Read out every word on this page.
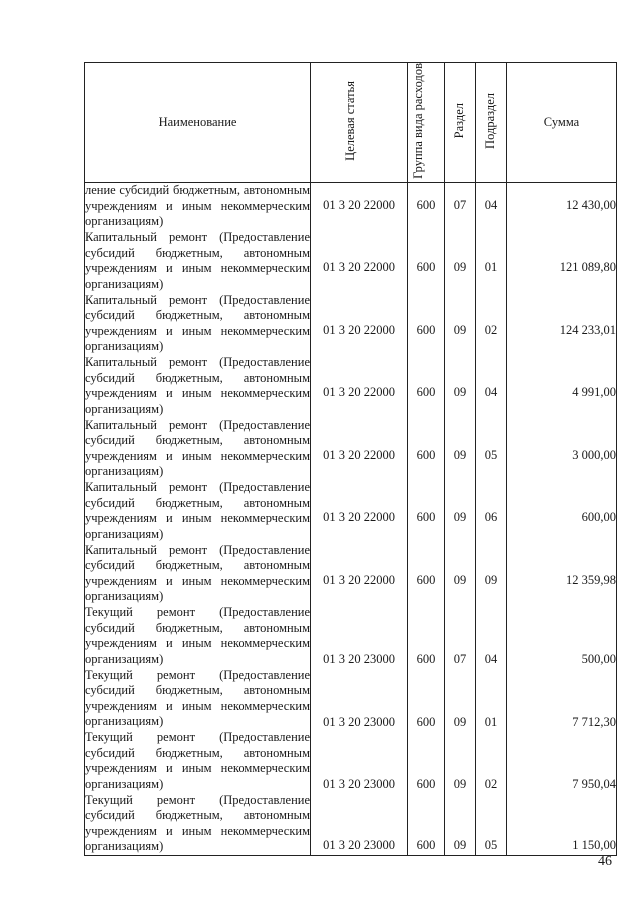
Наименование	Целевая статья	Группа вида расходов	Раздел	Подраздел	Сумма
ление субсидий бюджетным, автономным учреждениям и иным некоммерческим организациям)	01 3 20 22000	600	07	04	12 430,00
Капитальный ремонт (Предоставление субсидий бюджетным, автономным учреждениям и иным некоммерческим организациям)	01 3 20 22000	600	09	01	121 089,80
Капитальный ремонт (Предоставление субсидий бюджетным, автономным учреждениям и иным некоммерческим организациям)	01 3 20 22000	600	09	02	124 233,01
Капитальный ремонт (Предоставление субсидий бюджетным, автономным учреждениям и иным некоммерческим организациям)	01 3 20 22000	600	09	04	4 991,00
Капитальный ремонт (Предоставление субсидий бюджетным, автономным учреждениям и иным некоммерческим организациям)	01 3 20 22000	600	09	05	3 000,00
Капитальный ремонт (Предоставление субсидий бюджетным, автономным учреждениям и иным некоммерческим организациям)	01 3 20 22000	600	09	06	600,00
Капитальный ремонт (Предоставление субсидий бюджетным, автономным учреждениям и иным некоммерческим организациям)	01 3 20 22000	600	09	09	12 359,98
Текущий ремонт (Предоставление субсидий бюджетным, автономным учреждениям и иным некоммерческим организациям)	01 3 20 23000	600	07	04	500,00
Текущий ремонт (Предоставление субсидий бюджетным, автономным учреждениям и иным некоммерческим организациям)	01 3 20 23000	600	09	01	7 712,30
Текущий ремонт (Предоставление субсидий бюджетным, автономным учреждениям и иным некоммерческим организациям)	01 3 20 23000	600	09	02	7 950,04
Текущий ремонт (Предоставление субсидий бюджетным, автономным учреждениям и иным некоммерческим организациям)	01 3 20 23000	600	09	05	1 150,00
46
